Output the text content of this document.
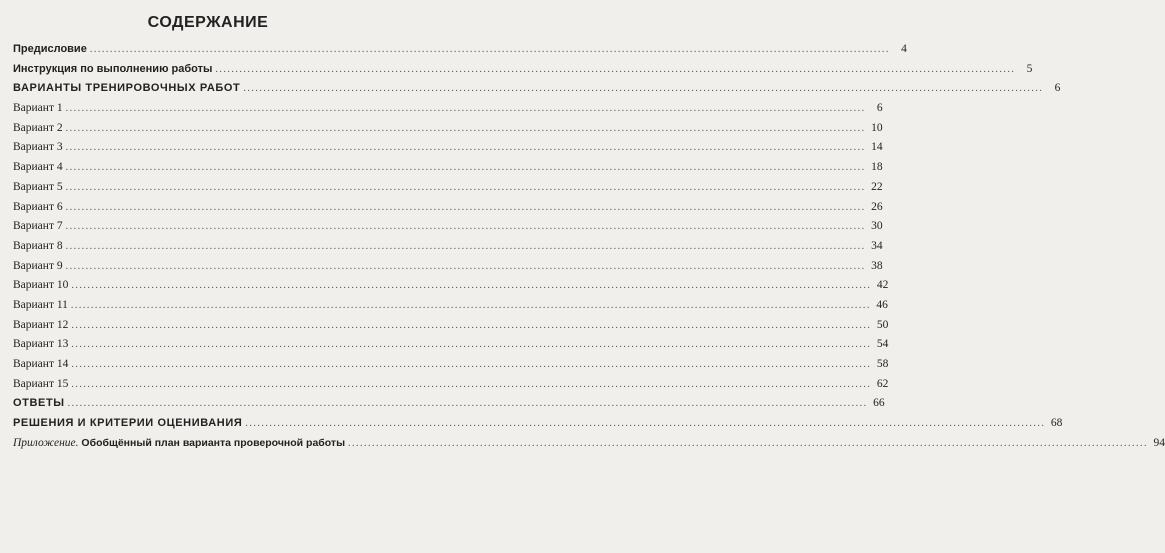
СОДЕРЖАНИЕ
Предисловие ........................................................................................................................................................................................................ 4
Инструкция по выполнению работы ........................................................................................................................................................................................................ 5
ВАРИАНТЫ ТРЕНИРОВОЧНЫХ РАБОТ ........................................................................................................................................................................................................ 6
Вариант 1 ........................................................................................................................................................................................................ 6
Вариант 2 ........................................................................................................................................................................................................ 10
Вариант 3 ........................................................................................................................................................................................................ 14
Вариант 4 ........................................................................................................................................................................................................ 18
Вариант 5 ........................................................................................................................................................................................................ 22
Вариант 6 ........................................................................................................................................................................................................ 26
Вариант 7 ........................................................................................................................................................................................................ 30
Вариант 8 ........................................................................................................................................................................................................ 34
Вариант 9 ........................................................................................................................................................................................................ 38
Вариант 10 ........................................................................................................................................................................................................ 42
Вариант 11 ........................................................................................................................................................................................................ 46
Вариант 12 ........................................................................................................................................................................................................ 50
Вариант 13 ........................................................................................................................................................................................................ 54
Вариант 14 ........................................................................................................................................................................................................ 58
Вариант 15 ........................................................................................................................................................................................................ 62
ОТВЕТЫ ........................................................................................................................................................................................................ 66
РЕШЕНИЯ И КРИТЕРИИ ОЦЕНИВАНИЯ ........................................................................................................................................................................................................ 68
Приложение. Обобщённый план варианта проверочной работы ........................................................................................................................................................................................................ 94
